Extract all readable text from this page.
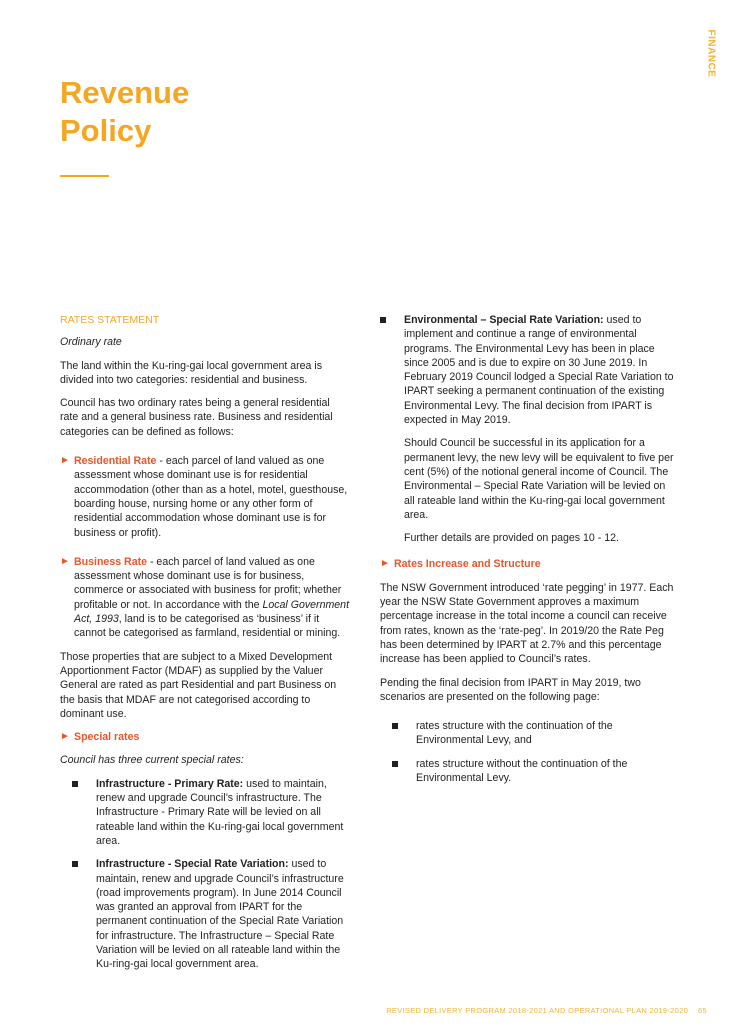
FINANCE
Revenue
Policy

RATES STATEMENT

Ordinary rate

The land within the Ku-ring-gai local government area is divided into two categories: residential and business.

Council has two ordinary rates being a general residential rate and a general business rate. Business and residential categories can be defined as follows:

► Residential Rate - each parcel of land valued as one assessment whose dominant use is for residential accommodation (other than as a hotel, motel, guesthouse, boarding house, nursing home or any other form of residential accommodation whose dominant use is for business or profit).

► Business Rate - each parcel of land valued as one assessment whose dominant use is for business, commerce or associated with business for profit; whether profitable or not. In accordance with the Local Government Act, 1993, land is to be categorised as ‘business’ if it cannot be categorised as farmland, residential or mining.

Those properties that are subject to a Mixed Development Apportionment Factor (MDAF) as supplied by the Valuer General are rated as part Residential and part Business on the basis that MDAF are not categorised according to dominant use.

► Special rates

Council has three current special rates:

Infrastructure - Primary Rate: used to maintain, renew and upgrade Council’s infrastructure. The Infrastructure - Primary Rate will be levied on all rateable land within the Ku-ring-gai local government area.

Infrastructure - Special Rate Variation: used to maintain, renew and upgrade Council’s infrastructure (road improvements program). In June 2014 Council was granted an approval from IPART for the permanent continuation of the Special Rate Variation for infrastructure. The Infrastructure – Special Rate Variation will be levied on all rateable land within the Ku-ring-gai local government area.

Environmental – Special Rate Variation: used to implement and continue a range of environmental programs. The Environmental Levy has been in place since 2005 and is due to expire on 30 June 2019. In February 2019 Council lodged a Special Rate Variation to IPART seeking a permanent continuation of the existing Environmental Levy. The final decision from IPART is expected in May 2019.

Should Council be successful in its application for a permanent levy, the new levy will be equivalent to five per cent (5%) of the notional general income of Council. The Environmental – Special Rate Variation will be levied on all rateable land within the Ku-ring-gai local government area.

Further details are provided on pages 10 - 12.

► Rates Increase and Structure

The NSW Government introduced ‘rate pegging’ in 1977. Each year the NSW State Government approves a maximum percentage increase in the total income a council can receive from rates, known as the ‘rate-peg’. In 2019/20 the Rate Peg has been determined by IPART at 2.7% and this percentage increase has been applied to Council’s rates.

Pending the final decision from IPART in May 2019, two scenarios are presented on the following page:

rates structure with the continuation of the Environmental Levy, and

rates structure without the continuation of the Environmental Levy.

REVISED DELIVERY PROGRAM 2018-2021 AND OPERATIONAL PLAN 2019-2020 65
